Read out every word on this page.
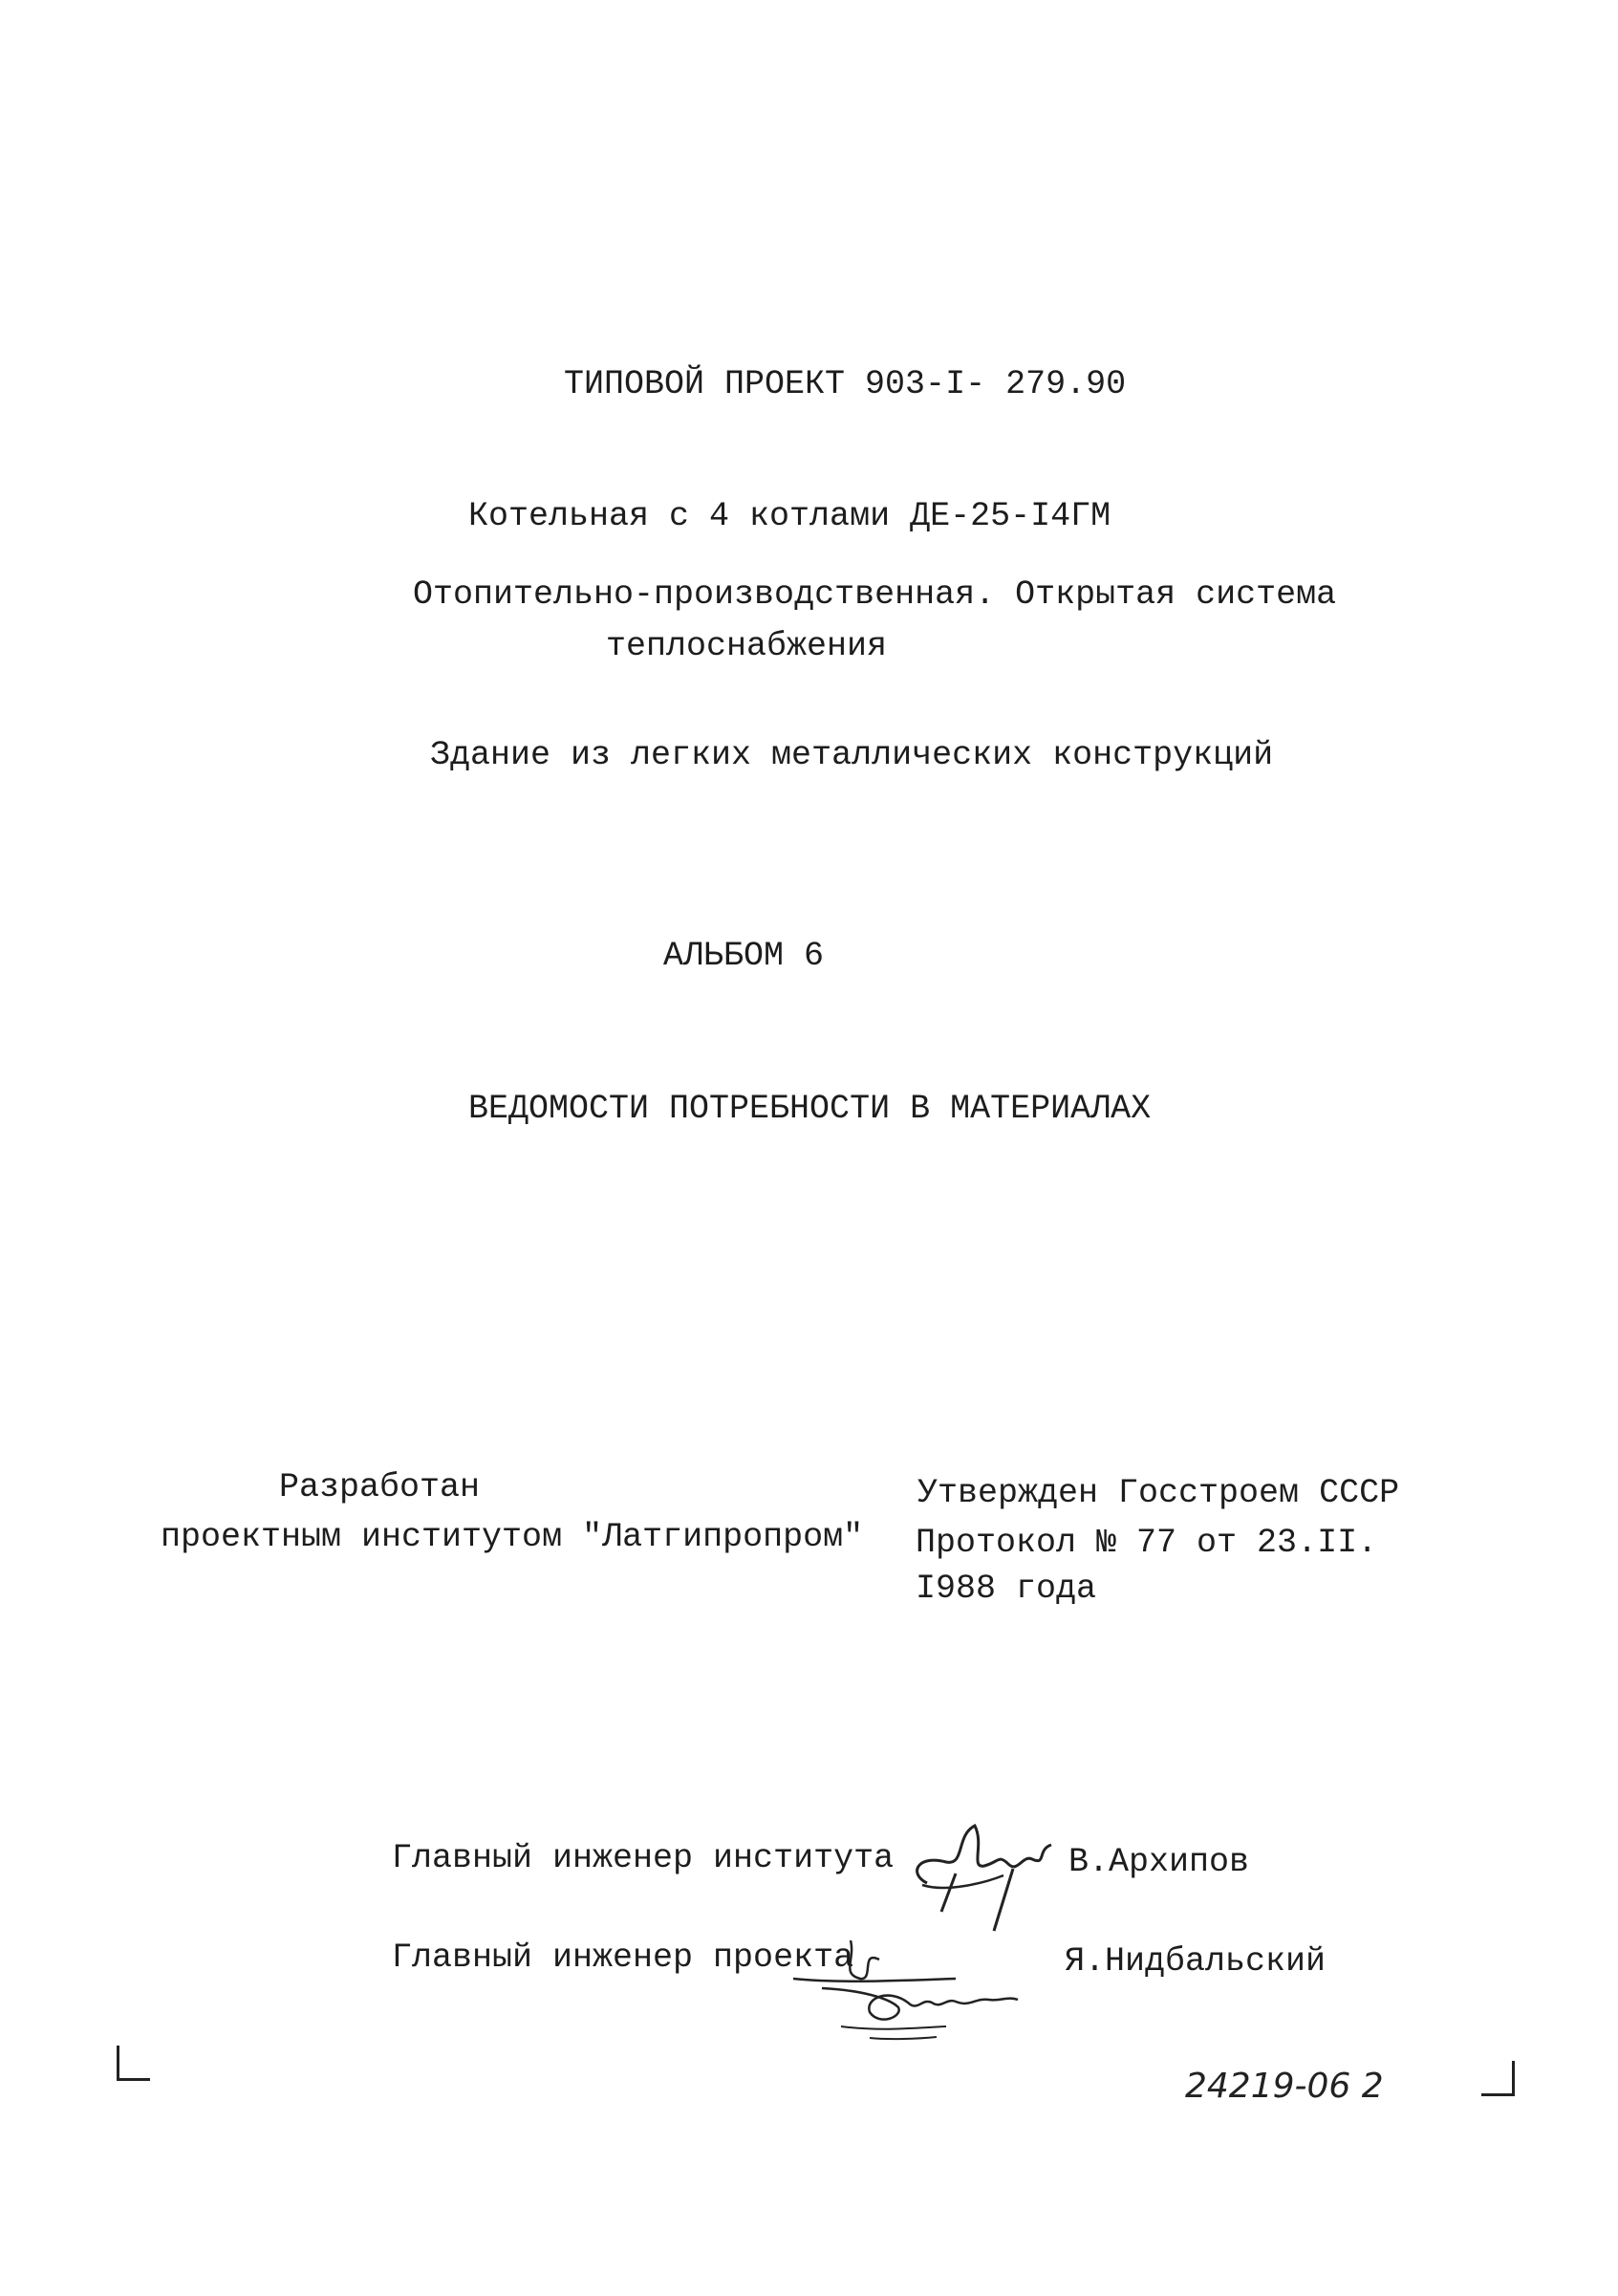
ТИПОВОЙ ПРОЕКТ 903-I- 279.90
Котельная с 4 котлами ДЕ-25-I4ГМ
Отопительно-производственная. Открытая система
теплоснабжения
Здание из легких металлических конструкций
АЛЬБОМ 6
ВЕДОМОСТИ ПОТРЕБНОСТИ В МАТЕРИАЛАХ
Разработан
проектным институтом "Латгипропром"
Утвержден Госстроем СССР
Протокол № 77 от 23.II.
I988 года
Главный инженер института	В.Архипов
Главный инженер проекта	Я.Нидбальский
24219-06 2
